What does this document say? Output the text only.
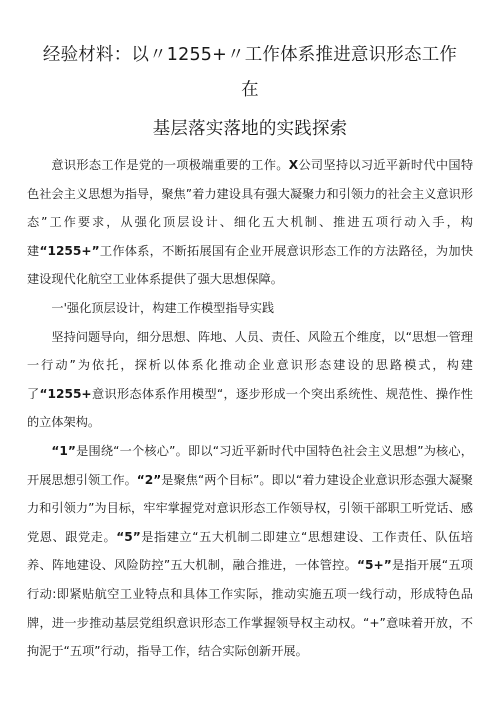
经验材料：以〃1255+〃工作体系推进意识形态工作
在
基层落实落地的实践探索

意识形态工作是党的一项极端重要的工作。X公司坚持以习近平新时代中国特色社会主义思想为指导，聚焦”着力建设具有强大凝聚力和引领力的社会主义意识形态”工作要求，从强化顶层设计、细化五大机制、推进五项行动入手，构建“1255+”工作体系，不断拓展国有企业开展意识形态工作的方法路径，为加快建设现代化航空工业体系提供了强大思想保障。

一'强化顶层设计，构建工作模型指导实践

坚持问题导向，细分思想、阵地、人员、责任、风险五个维度，以“思想一管理一行动”为依托，探析以体系化推动企业意识形态建设的思路模式，构建了“1255+意识形态体系作用模型“，逐步形成一个突出系统性、规范性、操作性的立体架构。

“1”是围绕“一个核心”。即以“习近平新时代中国特色社会主义思想”为核心，开展思想引领工作。“2”是聚焦“两个目标”。即以“着力建设企业意识形态强大凝聚力和引领力”为目标，牢牢掌握党对意识形态工作领导权，引领干部职工听党话、感党恩、跟党走。“5”是指建立“五大机制二即建立“思想建设、工作责任、队伍培养、阵地建设、风险防控”五大机制，融合推进，一体管控。“5+”是指开展“五项行动:即紧贴航空工业特点和具体工作实际，推动实施五项一线行动，形成特色品牌，进一步推动基层党组织意识形态工作掌握领导权主动权。“+”意味着开放，不拘泥于“五项”行动，指导工作，结合实际创新开展。
